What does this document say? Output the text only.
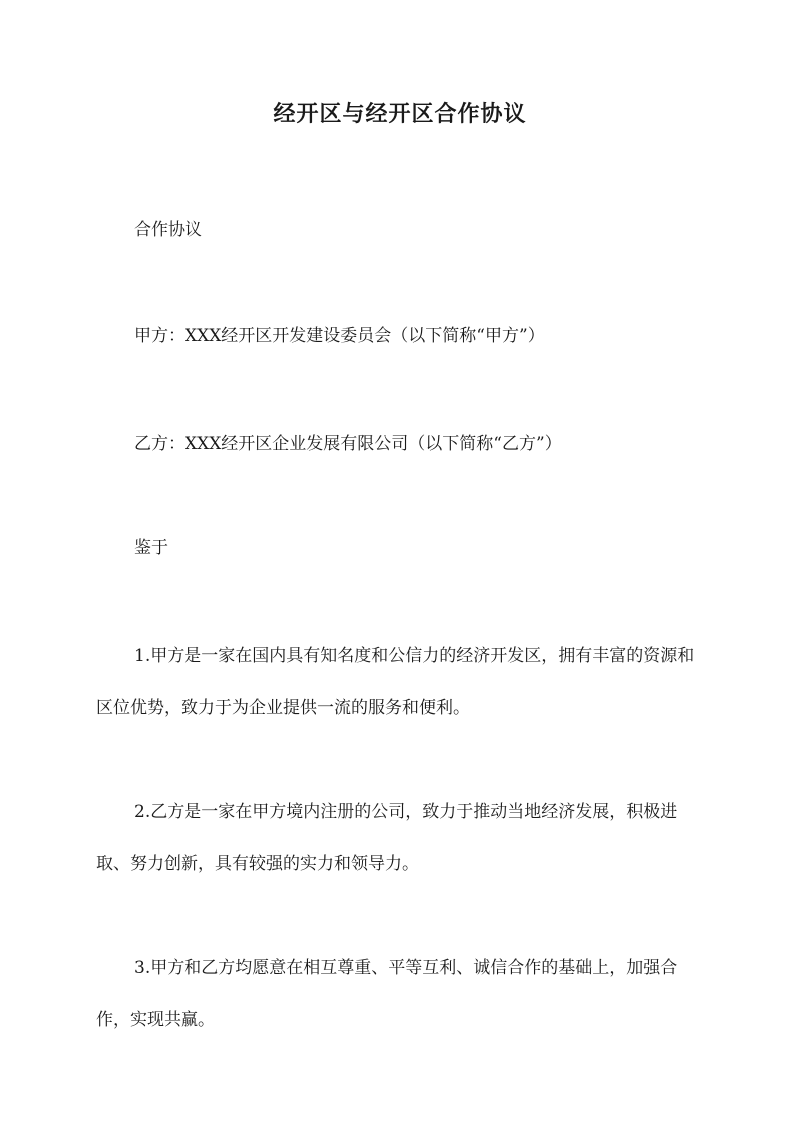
经开区与经开区合作协议
合作协议
甲方：XXX经开区开发建设委员会（以下简称“甲方”）
乙方：XXX经开区企业发展有限公司（以下简称“乙方”）
鉴于
1.甲方是一家在国内具有知名度和公信力的经济开发区，拥有丰富的资源和区位优势，致力于为企业提供一流的服务和便利。
2.乙方是一家在甲方境内注册的公司，致力于推动当地经济发展，积极进取、努力创新，具有较强的实力和领导力。
3.甲方和乙方均愿意在相互尊重、平等互利、诚信合作的基础上，加强合作，实现共赢。
